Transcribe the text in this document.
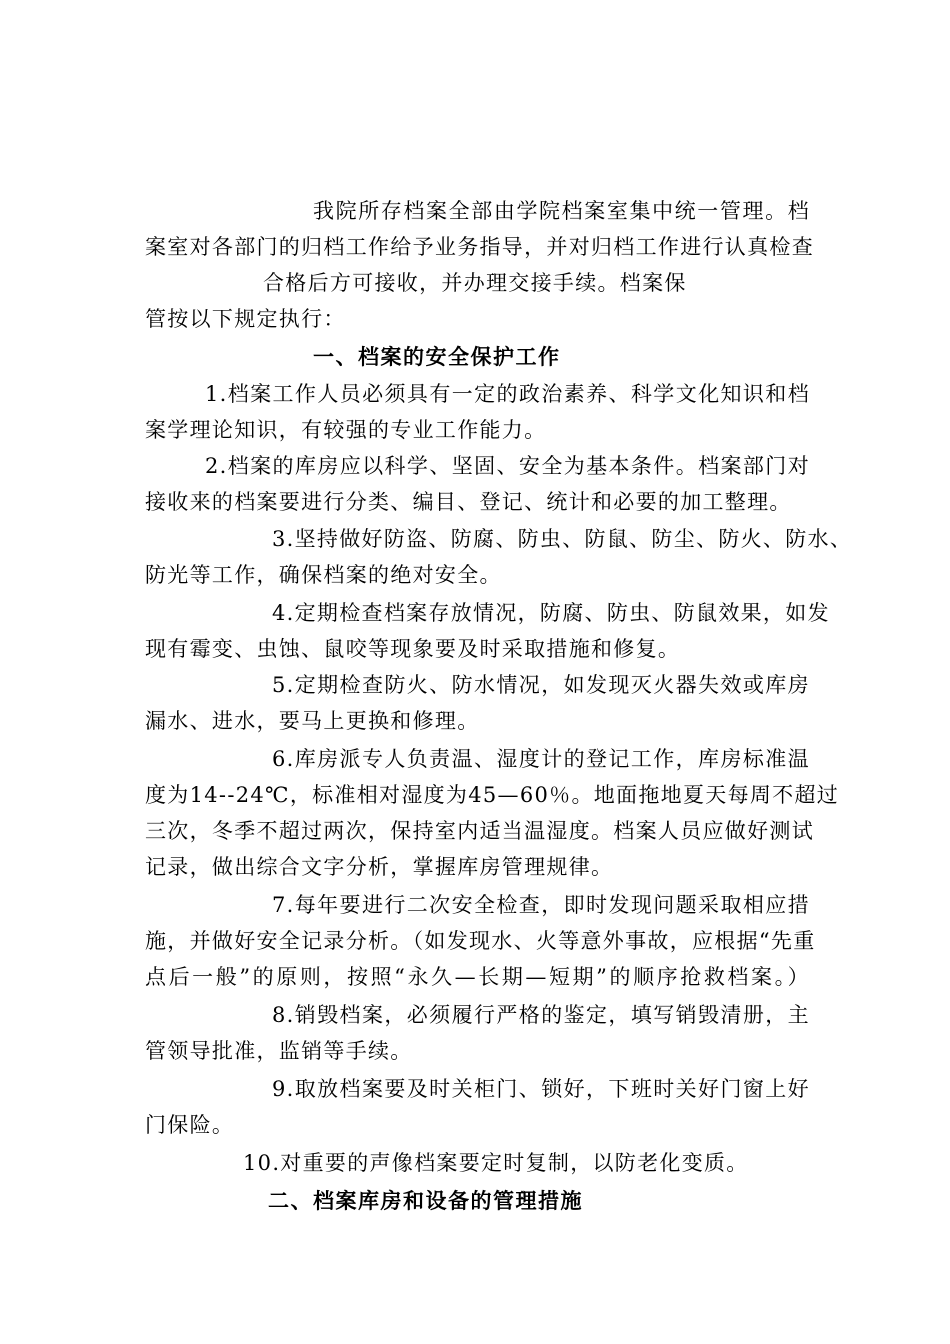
我院所存档案全部由学院档案室集中统一管理。档
案室对各部门的归档工作给予业务指导，并对归档工作进行认真检查
合格后方可接收，并办理交接手续。档案保
管按以下规定执行：
一、档案的安全保护工作
1.档案工作人员必须具有一定的政治素养、科学文化知识和档
案学理论知识，有较强的专业工作能力。
2.档案的库房应以科学、坚固、安全为基本条件。档案部门对
接收来的档案要进行分类、编目、登记、统计和必要的加工整理。
3.坚持做好防盗、防腐、防虫、防鼠、防尘、防火、防水、
防光等工作，确保档案的绝对安全。
4.定期检查档案存放情况，防腐、防虫、防鼠效果，如发
现有霉变、虫蚀、鼠咬等现象要及时采取措施和修复。
5.定期检查防火、防水情况，如发现灭火器失效或库房
漏水、进水，要马上更换和修理。
6.库房派专人负责温、湿度计的登记工作，库房标准温
度为14--24℃，标准相对湿度为45—60％。地面拖地夏天每周不超过
三次，冬季不超过两次，保持室内适当温湿度。档案人员应做好测试
记录，做出综合文字分析，掌握库房管理规律。
7.每年要进行二次安全检查，即时发现问题采取相应措
施，并做好安全记录分析。（如发现水、火等意外事故，应根据“先重
点后一般”的原则，按照“永久—长期—短期”的顺序抢救档案。）
8.销毁档案，必须履行严格的鉴定，填写销毁清册，主
管领导批准，监销等手续。
9.取放档案要及时关柜门、锁好，下班时关好门窗上好
门保险。
10.对重要的声像档案要定时复制，以防老化变质。
二、档案库房和设备的管理措施
